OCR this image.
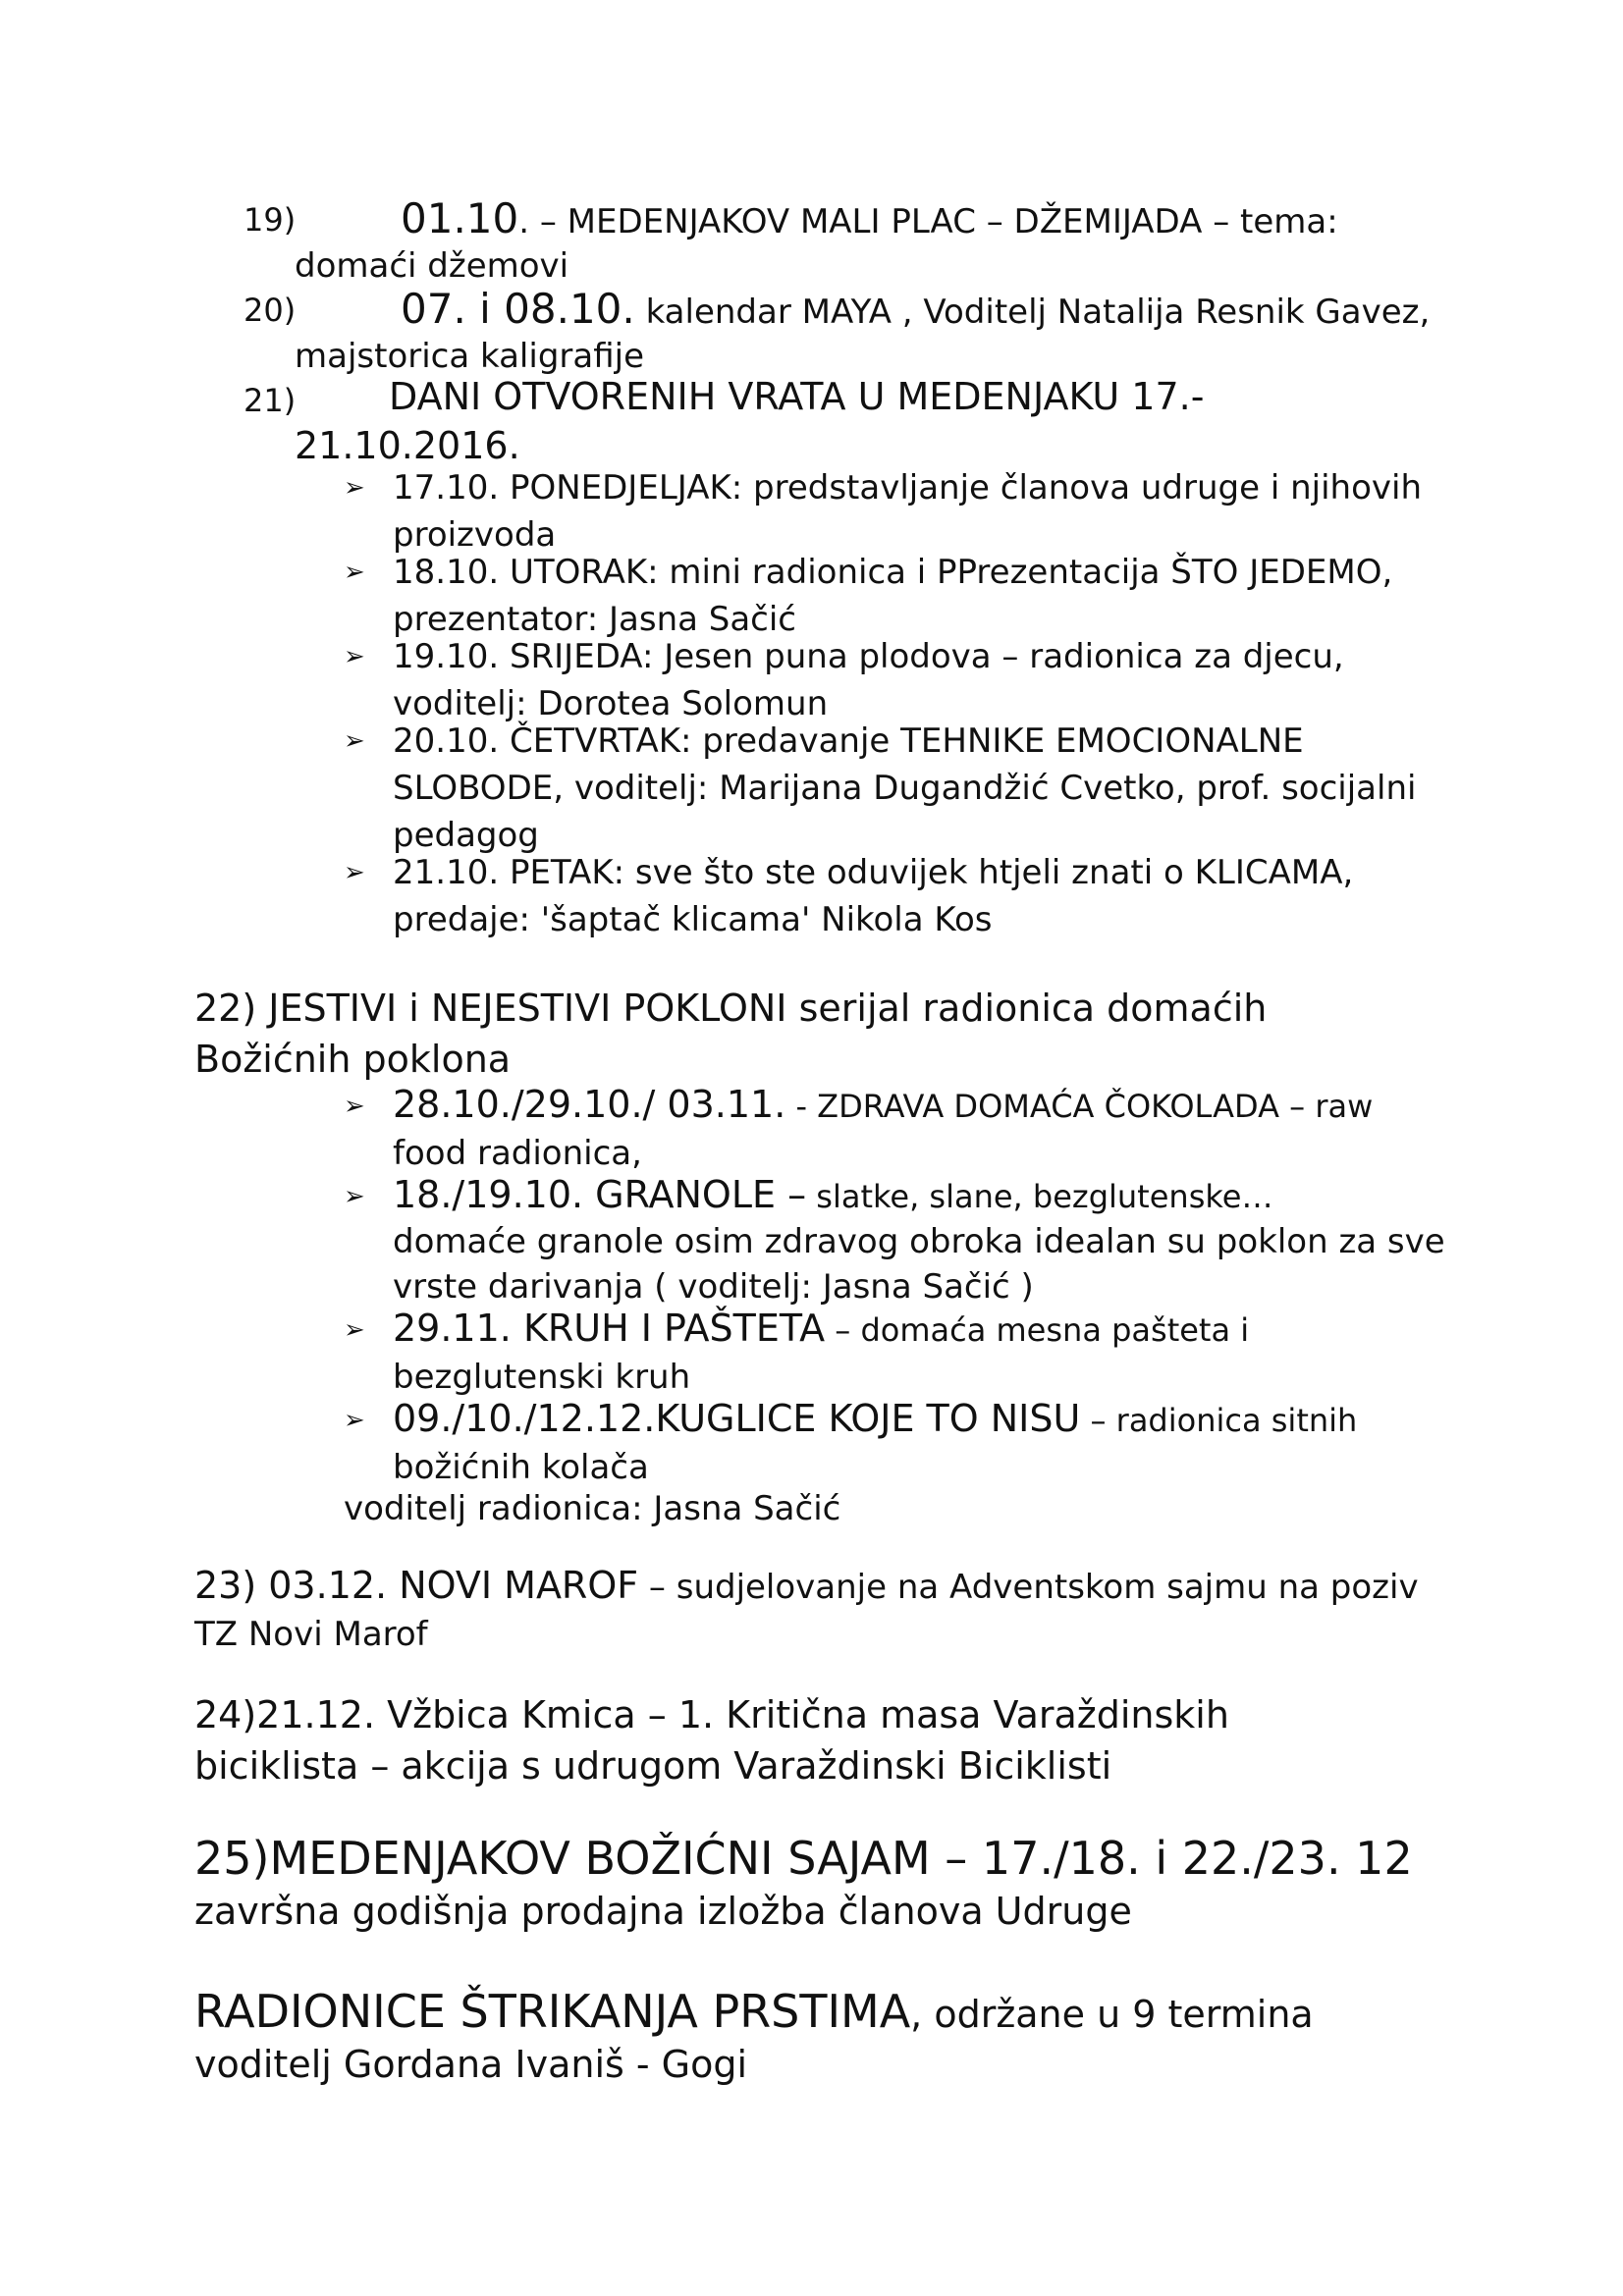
19)	01.10. – MEDENJAKOV MALI PLAC – DŽEMIJADA – tema:
domaći džemovi
20)	07. i 08.10. kalendar MAYA , Voditelj Natalija Resnik Gavez,
majstorica kaligrafije
21) DANI OTVORENIH VRATA U MEDENJAKU 17.-
21.10.2016.
➢ 17.10. PONEDJELJAK: predstavljanje članova udruge i njihovih
proizvoda
➢ 18.10. UTORAK: mini radionica i PPrezentacija ŠTO JEDEMO,
prezentator: Jasna Sačić
➢ 19.10. SRIJEDA: Jesen puna plodova – radionica za djecu,
voditelj: Dorotea Solomun
➢ 20.10. ČETVRTAK: predavanje TEHNIKE EMOCIONALNE
SLOBODE, voditelj: Marijana Dugandžić Cvetko, prof. socijalni
pedagog
➢ 21.10. PETAK: sve što ste oduvijek htjeli znati o KLICAMA,
predaje: 'šaptač klicama' Nikola Kos
22) JESTIVI i NEJESTIVI POKLONI serijal radionica domaćih
Božićnih poklona
➢ 28.10./29.10./ 03.11. - ZDRAVA DOMAĆA ČOKOLADA – raw
food radionica,
➢ 18./19.10. GRANOLE – slatke, slane, bezglutenske…
domaće granole osim zdravog obroka idealan su poklon za sve
vrste darivanja ( voditelj: Jasna Sačić )
➢ 29.11. KRUH I PAŠTETA – domaća mesna pašteta i
bezglutenski kruh
➢ 09./10./12.12.KUGLICE KOJE TO NISU – radionica sitnih
božićnih kolača
voditelj radionica: Jasna Sačić
23) 03.12. NOVI MAROF – sudjelovanje na Adventskom sajmu na poziv
TZ Novi Marof
24)21.12. Vžbica Kmica – 1. Kritična masa Varaždinskih
biciklista – akcija s udrugom Varaždinski Biciklisti
25)MEDENJAKOV BOŽIĆNI SAJAM – 17./18. i 22./23. 12
završna godišnja prodajna izložba članova Udruge
RADIONICE ŠTRIKANJA PRSTIMA, održane u 9 termina
voditelj Gordana Ivaniš - Gogi
